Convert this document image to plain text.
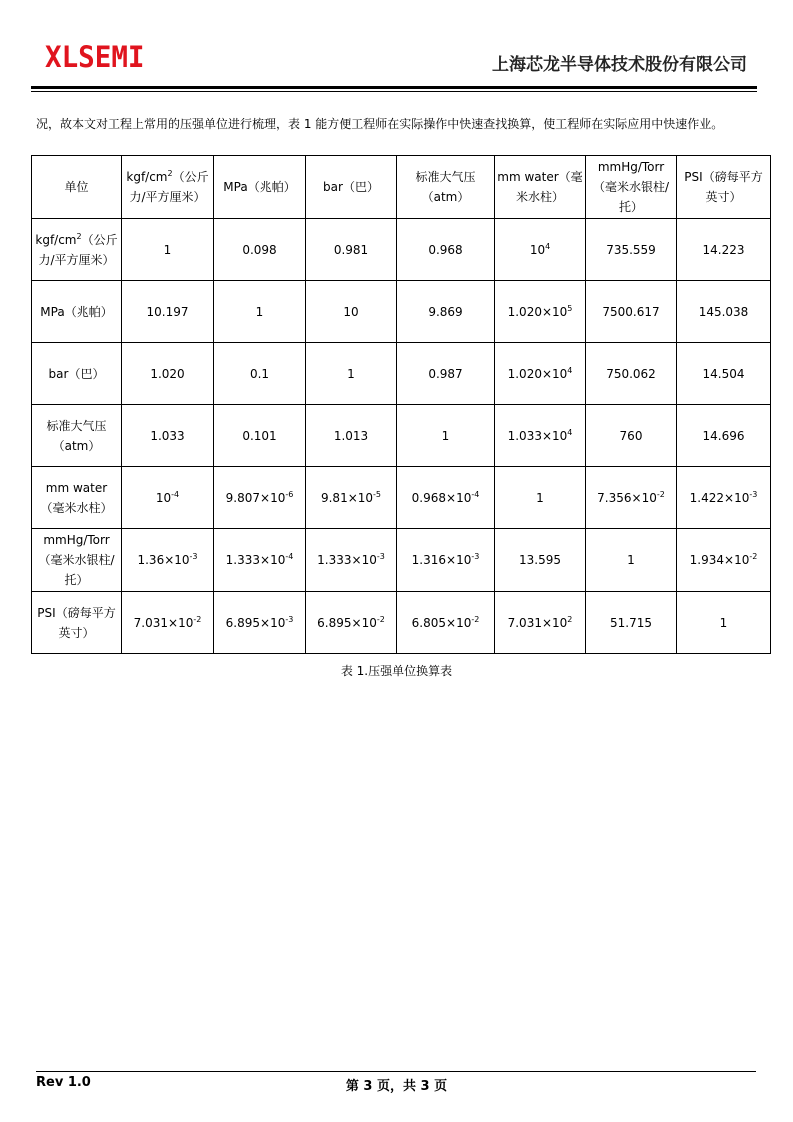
XLSEMI	上海芯龙半导体技术股份有限公司
况，故本文对工程上常用的压强单位进行梳理，表 1 能方便工程师在实际操作中快速查找换算，使工程师在实际应用中快速作业。
单位	kgf/$cm^2$（公斤力/平方厘米）	MPa（兆帕）	bar（巴）	标准大气压（atm）	mm water（毫米水柱）	mmHg/Torr（毫米水银柱/托）	PSI（磅每平方英寸）
kgf/$cm^2$（公斤力/平方厘米）	1	0.098	0.981	0.968	$10^4$	735.559	14.223
MPa（兆帕）	10.197	1	10	9.869	$1.020\times 10^5$	7500.617	145.038
bar（巴）	1.020	0.1	1	0.987	$1.020\times 10^4$	750.062	14.504
标准大气压（atm）	1.033	0.101	1.013	1	$1.033\times 10^4$	760	14.696
mm water（毫米水柱）	$10^{-4}$	$9.807\times 10^{-6}$	$9.81\times 10^{-5}$	$0.968\times 10^{-4}$	1	$7.356\times 10^{-2}$	$1.422\times 10^{-3}$
mmHg/Torr（毫米水银柱/托）	$1.36\times 10^{-3}$	$1.333\times 10^{-4}$	$1.333\times 10^{-3}$	$1.316\times 10^{-3}$	13.595	1	$1.934\times 10^{-2}$
PSI（磅每平方英寸）	$7.031\times 10^{-2}$	$6.895\times 10^{-3}$	$6.895\times 10^{-2}$	$6.805\times 10^{-2}$	$7.031\times 10^2$	51.715	1
表 1.压强单位换算表
Rev 1.0	第 3 页，共 3 页
